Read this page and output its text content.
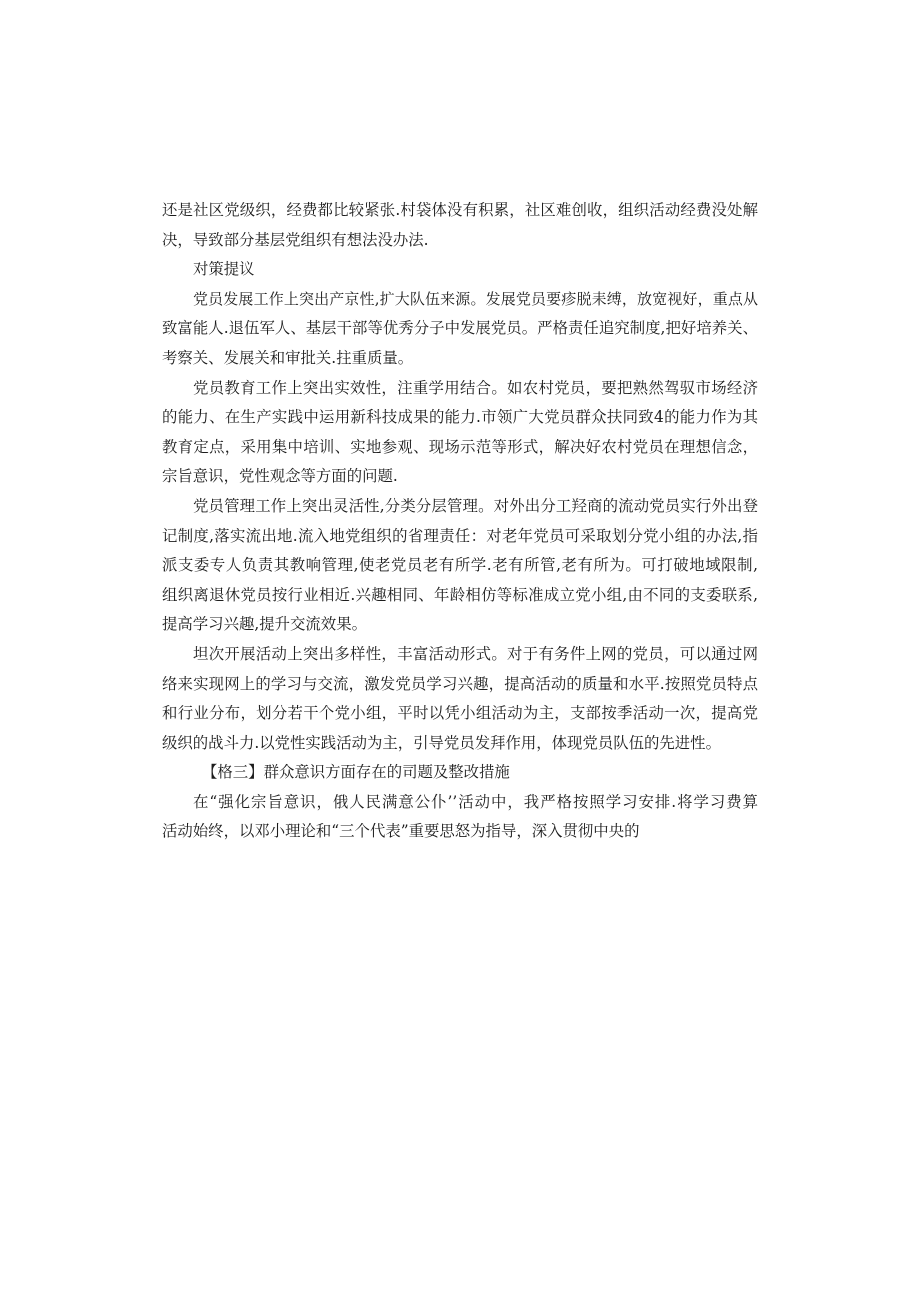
还是社区党级织，经费都比较紧张.村袋体没有积累，社区难创收，组织活动经费没处解
决，导致部分基层党组织有想法没办法.
对策提议
党员发展工作上突出产京性,扩大队伍来源。发展党员要疹脱耒缚，放宽视好，重点从
致富能人.退伍军人、基层干部等优秀分子中发展党员。严格责任追究制度,把好培养关、
考察关、发展关和审批关.拄重质量。
党员教育工作上突出实效性，注重学用结合。如农村党员，要把熟然驾驭市场经济
的能力、在生产实践中运用新科技成果的能力.市领广大党员群众扶同致4的能力作为其
教育定点，采用集中培训、实地参观、现场示范等形式，解决好农村党员在理想信念，
宗旨意识，党性观念等方面的问题.
党员管理工作上突出灵活性,分类分层管理。对外出分工羟商的流动党员实行外出登
记制度,落实流出地.流入地党组织的省理责任：对老年党员可采取划分党小组的办法,指
派支委专人负责其教响管理,使老党员老有所学.老有所管,老有所为。可打破地域限制,
组织离退休党员按行业相近.兴趣相同、年龄相仿等标准成立党小组,由不同的支委联系,
提高学习兴趣,提升交流效果。
坦次开展活动上突出多样性，丰富活动形式。对于有务件上网的党员，可以通过网
络来实现网上的学习与交流，激发党员学习兴趣，提高活动的质量和水平.按照党员特点
和行业分布，划分若干个党小组，平时以凭小组活动为主，支部按季活动一次，提高党
级织的战斗力.以党性实践活动为主，引导党员发拜作用，体现党员队伍的先进性。
【格三】群众意识方面存在的司题及整改措施
在“强化宗旨意识，俄人民满意公仆’’活动中，我严格按照学习安排.将学习费算
活动始终，以邓小理论和“三个代表”重要思怒为指导，深入贯彻中央的
